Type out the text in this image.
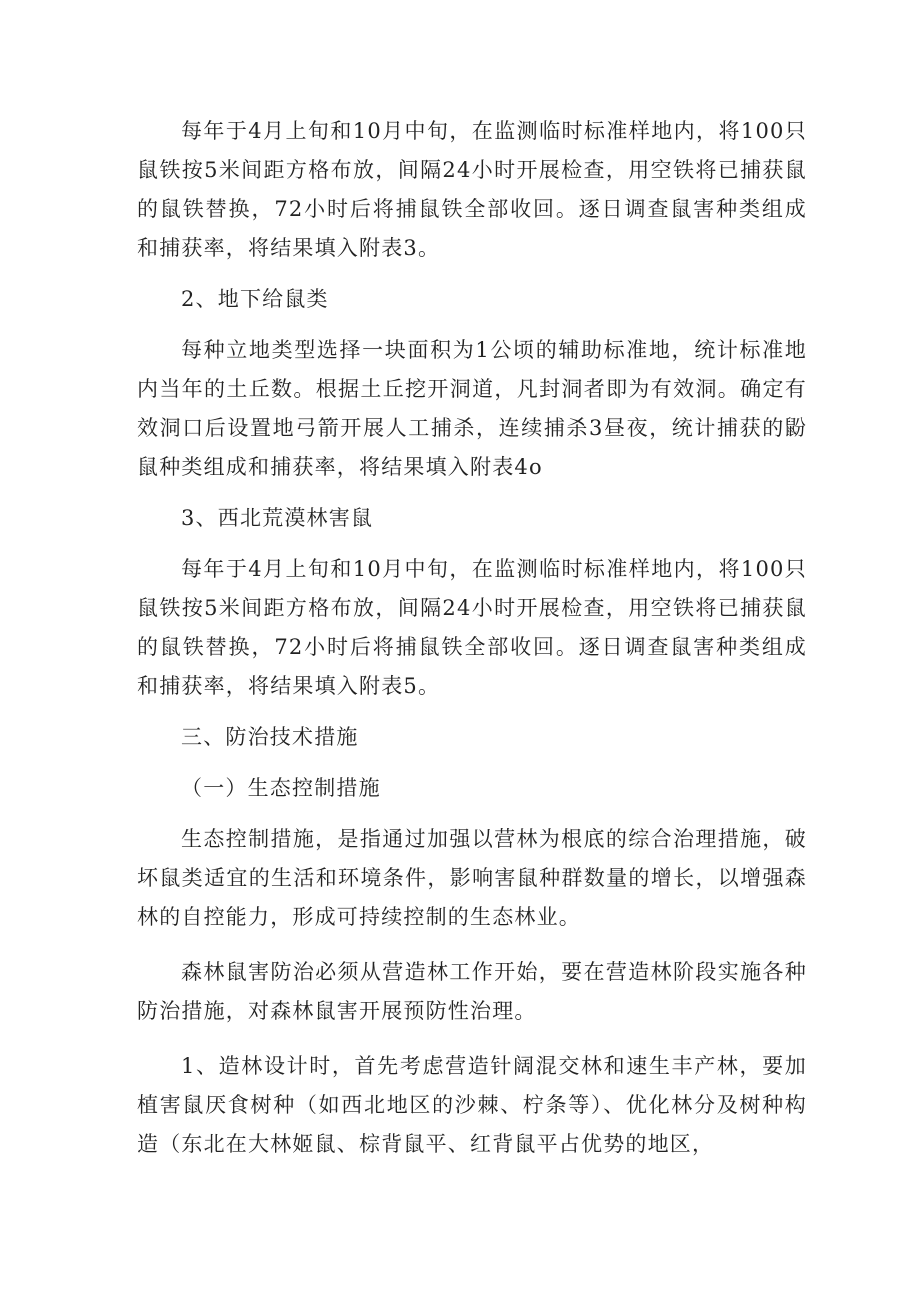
每年于4月上旬和10月中旬，在监测临时标准样地内，将100只鼠铁按5米间距方格布放，间隔24小时开展检查，用空铁将已捕获鼠的鼠铁替换，72小时后将捕鼠铁全部收回。逐日调查鼠害种类组成和捕获率，将结果填入附表3。

2、地下给鼠类

每种立地类型选择一块面积为1公顷的辅助标准地，统计标准地内当年的土丘数。根据土丘挖开洞道，凡封洞者即为有效洞。确定有效洞口后设置地弓箭开展人工捕杀，连续捕杀3昼夜，统计捕获的鼢鼠种类组成和捕获率，将结果填入附表4o

3、西北荒漠林害鼠

每年于4月上旬和10月中旬，在监测临时标准样地内，将100只鼠铁按5米间距方格布放，间隔24小时开展检查，用空铁将已捕获鼠的鼠铁替换，72小时后将捕鼠铁全部收回。逐日调查鼠害种类组成和捕获率，将结果填入附表5。

三、防治技术措施

（一）生态控制措施

生态控制措施，是指通过加强以营林为根底的综合治理措施，破坏鼠类适宜的生活和环境条件，影响害鼠种群数量的增长，以增强森林的自控能力，形成可持续控制的生态林业。

森林鼠害防治必须从营造林工作开始，要在营造林阶段实施各种防治措施，对森林鼠害开展预防性治理。

1、造林设计时，首先考虑营造针阔混交林和速生丰产林，要加植害鼠厌食树种（如西北地区的沙棘、柠条等）、优化林分及树种构造（东北在大林姬鼠、棕背鼠平、红背鼠平占优势的地区，
